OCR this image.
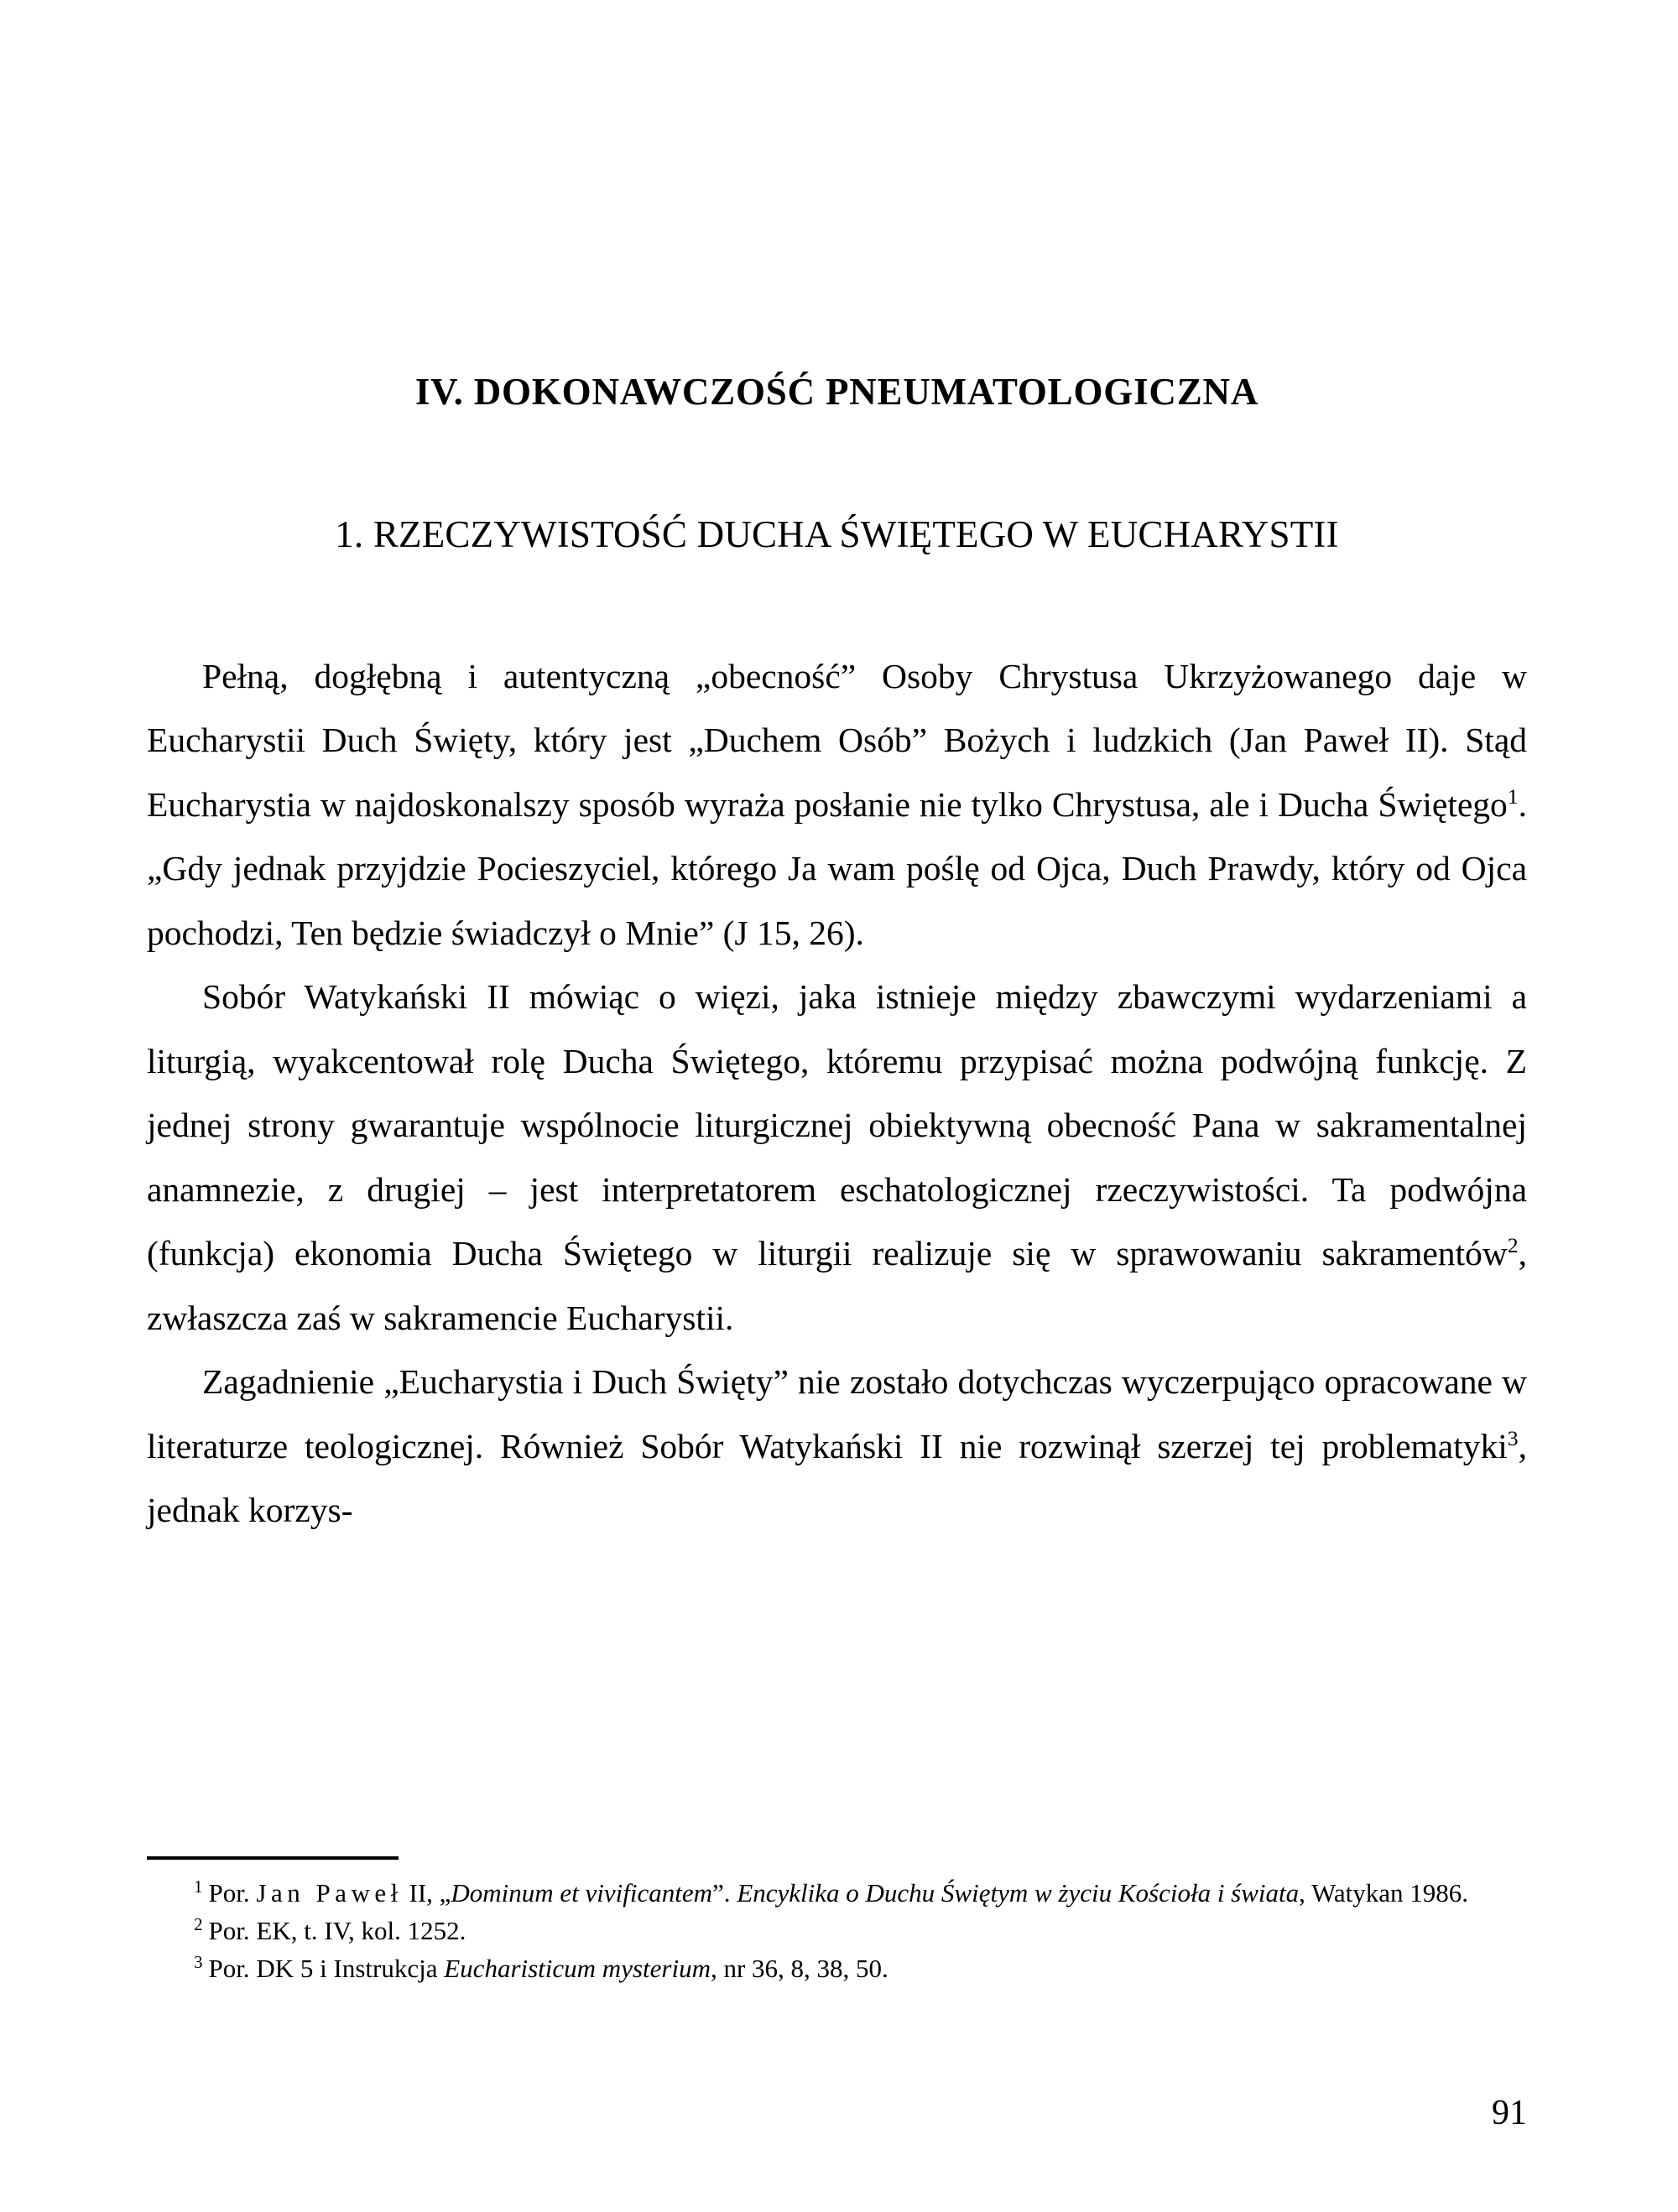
IV. DOKONAWCZOŚĆ PNEUMATOLOGICZNA
1. RZECZYWISTOŚĆ DUCHA ŚWIĘTEGO W EUCHARYSTII

Pełną, dogłębną i autentyczną „obecność” Osoby Chrystusa Ukrzyżowanego daje w Eucharystii Duch Święty, który jest „Duchem Osób” Bożych i ludzkich (Jan Paweł II). Stąd Eucharystia w najdoskonalszy sposób wyraża posłanie nie tylko Chrystusa, ale i Ducha Świętego$^1$. „Gdy jednak przyjdzie Pocieszyciel, którego Ja wam poślę od Ojca, Duch Prawdy, który od Ojca pochodzi, Ten będzie świadczył o Mnie” (J 15, 26).

Sobór Watykański II mówiąc o więzi, jaka istnieje między zbawczymi wydarzeniami a liturgią, wyakcentował rolę Ducha Świętego, któremu przypisać można podwójną funkcję. Z jednej strony gwarantuje wspólnocie liturgicznej obiektywną obecność Pana w sakramentalnej anamnezie, z drugiej – jest interpretatorem eschatologicznej rzeczywistości. Ta podwójna (funkcja) ekonomia Ducha Świętego w liturgii realizuje się w sprawowaniu sakramentów$^2$, zwłaszcza zaś w sakramencie Eucharystii.

Zagadnienie „Eucharystia i Duch Święty” nie zostało dotychczas wyczerpująco opracowane w literaturze teologicznej. Również Sobór Watykański II nie rozwinął szerzej tej problematyki$^3$, jednak korzys-

$^1$ Por. Jan Paweł II, „Dominum et vivificantem”. Encyklika o Duchu Świętym w życiu Kościoła i świata, Watykan 1986.

$^2$ Por. EK, t. IV, kol. 1252.

$^3$ Por. DK 5 i Instrukcja Eucharisticum mysterium, nr 36, 8, 38, 50.

91
